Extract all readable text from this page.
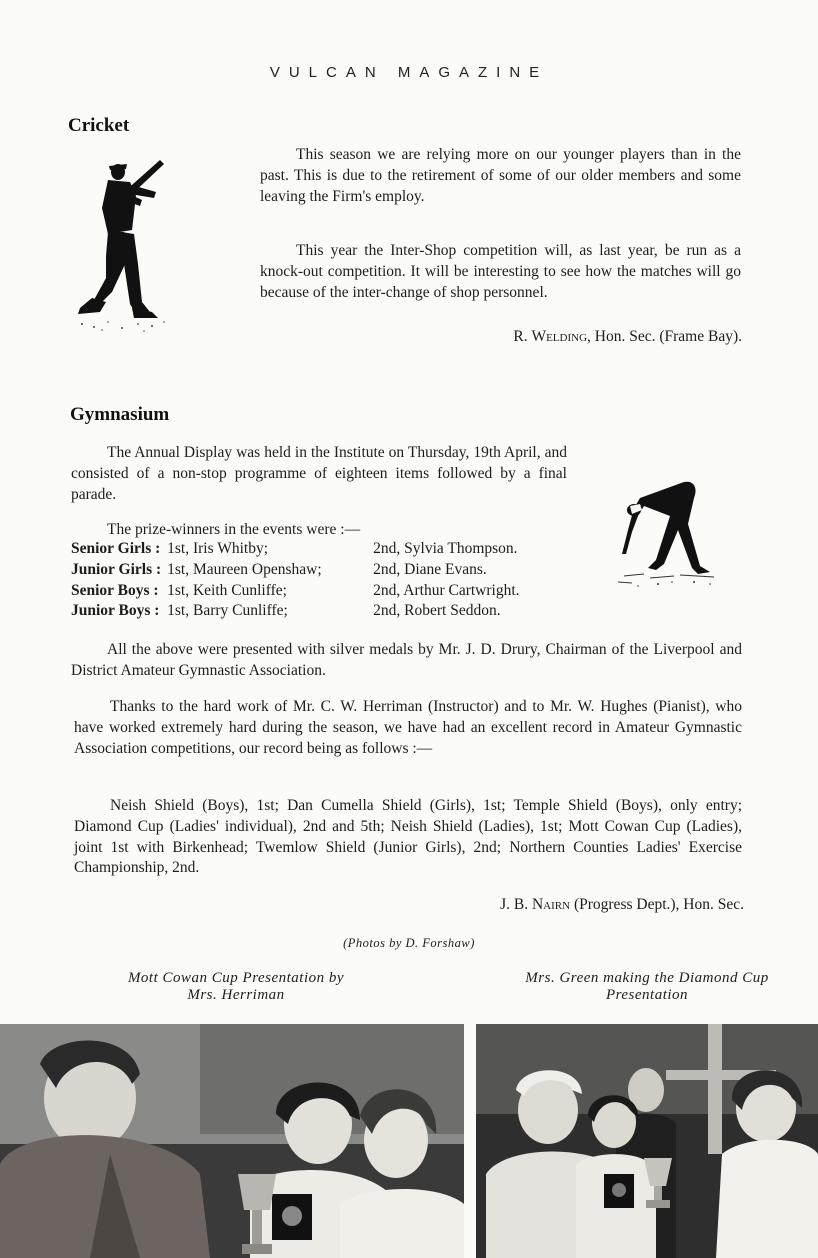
VULCAN MAGAZINE
Cricket

This season we are relying more on our younger players than in the past. This is due to the retirement of some of our older members and some leaving the Firm's employ.

This year the Inter-Shop competition will, as last year, be run as a knock-out competition. It will be interesting to see how the matches will go because of the inter-change of shop personnel.

R. Welding, Hon. Sec. (Frame Bay).

Gymnasium

The Annual Display was held in the Institute on Thursday, 19th April, and consisted of a non-stop programme of eighteen items followed by a final parade.

The prize-winners in the events were :—

Senior Girls :	1st, Iris Whitby;	2nd, Sylvia Thompson.
Junior Girls :	1st, Maureen Openshaw;	2nd, Diane Evans.
Senior Boys :	1st, Keith Cunliffe;	2nd, Arthur Cartwright.
Junior Boys :	1st, Barry Cunliffe;	2nd, Robert Seddon.

All the above were presented with silver medals by Mr. J. D. Drury, Chairman of the Liverpool and District Amateur Gymnastic Association.

Thanks to the hard work of Mr. C. W. Herriman (Instructor) and to Mr. W. Hughes (Pianist), who have worked extremely hard during the season, we have had an excellent record in Amateur Gymnastic Association competitions, our record being as follows :—

Neish Shield (Boys), 1st; Dan Cumella Shield (Girls), 1st; Temple Shield (Boys), only entry; Diamond Cup (Ladies' individual), 2nd and 5th; Neish Shield (Ladies), 1st; Mott Cowan Cup (Ladies), joint 1st with Birkenhead; Twemlow Shield (Junior Girls), 2nd; Northern Counties Ladies' Exercise Championship, 2nd.

J. B. Nairn (Progress Dept.), Hon. Sec.

(Photos by D. Forshaw)
Mott Cowan Cup Presentation by
Mrs. Herriman
Mrs. Green making the Diamond Cup
Presentation
